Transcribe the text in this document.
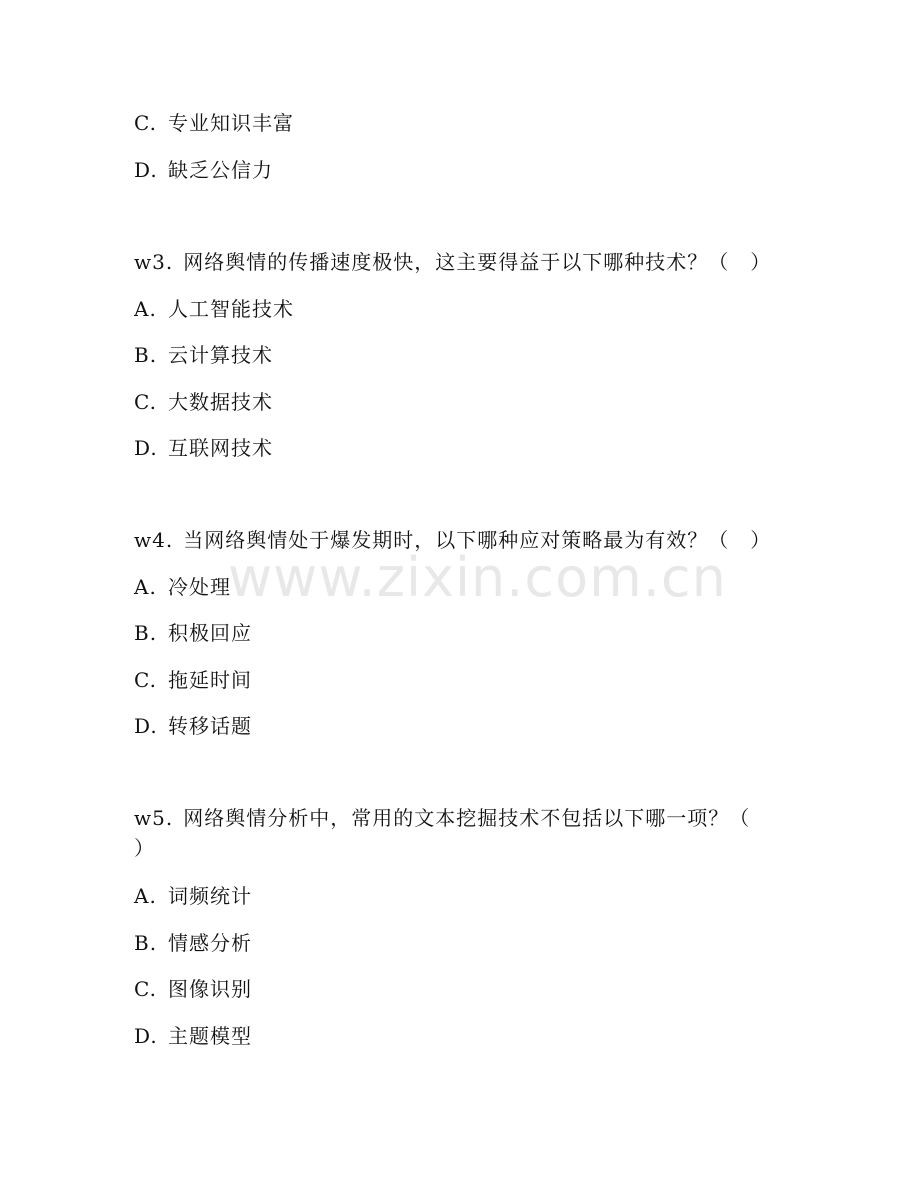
www.zixin.com.cn
C. 专业知识丰富
D. 缺乏公信力
w3. 网络舆情的传播速度极快，这主要得益于以下哪种技术？（　）
A. 人工智能技术
B. 云计算技术
C. 大数据技术
D. 互联网技术
w4. 当网络舆情处于爆发期时，以下哪种应对策略最为有效？（　）
A. 冷处理
B. 积极回应
C. 拖延时间
D. 转移话题
w5. 网络舆情分析中，常用的文本挖掘技术不包括以下哪一项？（
）
A. 词频统计
B. 情感分析
C. 图像识别
D. 主题模型
